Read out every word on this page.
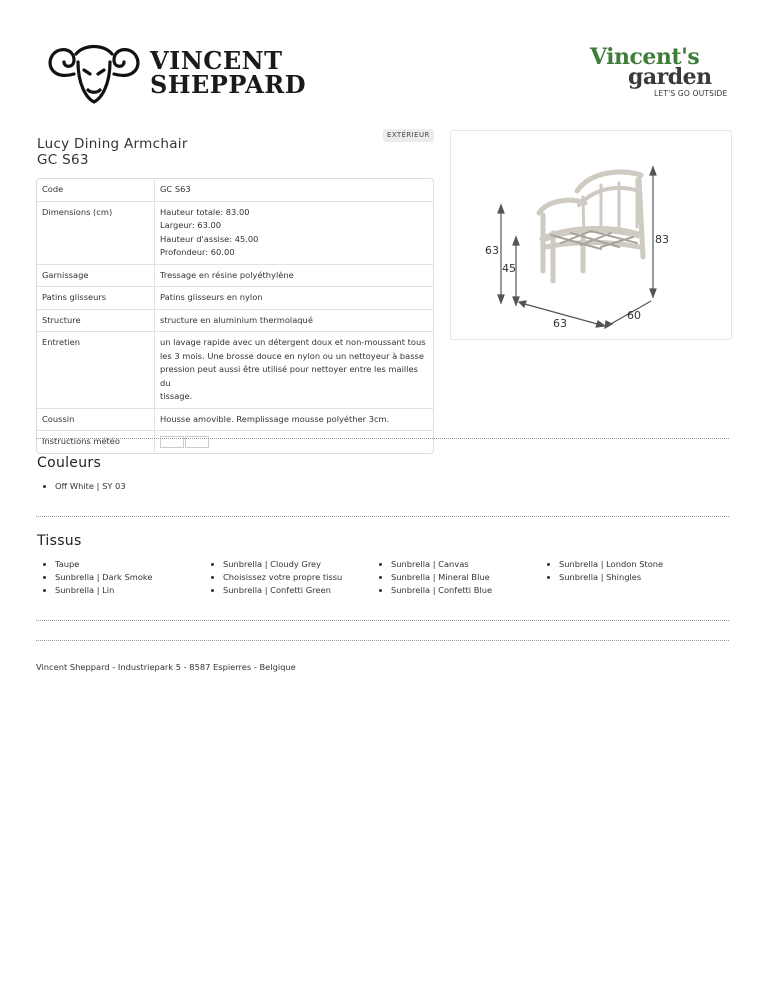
VINCENT
SHEPPARD
Vincent's
garden
LET'S GO OUTSIDE
Lucy Dining Armchair
GC S63
EXTÉRIEUR
Code	GC S63

Dimensions (cm)	Hauteur totale: 83.00
Largeur: 63.00
Hauteur d'assise: 45.00
Profondeur: 60.00

Garnissage	Tressage en résine polyéthylène

Patins glisseurs	Patins glisseurs en nylon

Structure	structure en aluminium thermolaqué

Entretien	un lavage rapide avec un détergent doux et non-moussant tous
les 3 mois. Une brosse douce en nylon ou un nettoyeur à basse
pression peut aussi être utilisé pour nettoyer entre les mailles du
tissage.

Coussin	Housse amovible. Remplissage mousse polyéther 3cm.

Instructions météo	
63
45
83
63
60
Couleurs
• Off White | SY 03
Tissus
• Taupe
• Sunbrella | Dark Smoke
• Sunbrella | Lin
• Sunbrella | Cloudy Grey
• Choisissez votre propre tissu
• Sunbrella | Confetti Green
• Sunbrella | Canvas
• Sunbrella | Mineral Blue
• Sunbrella | Confetti Blue
• Sunbrella | London Stone
• Sunbrella | Shingles
Vincent Sheppard - Industriepark 5 - 8587 Espierres - Belgique
